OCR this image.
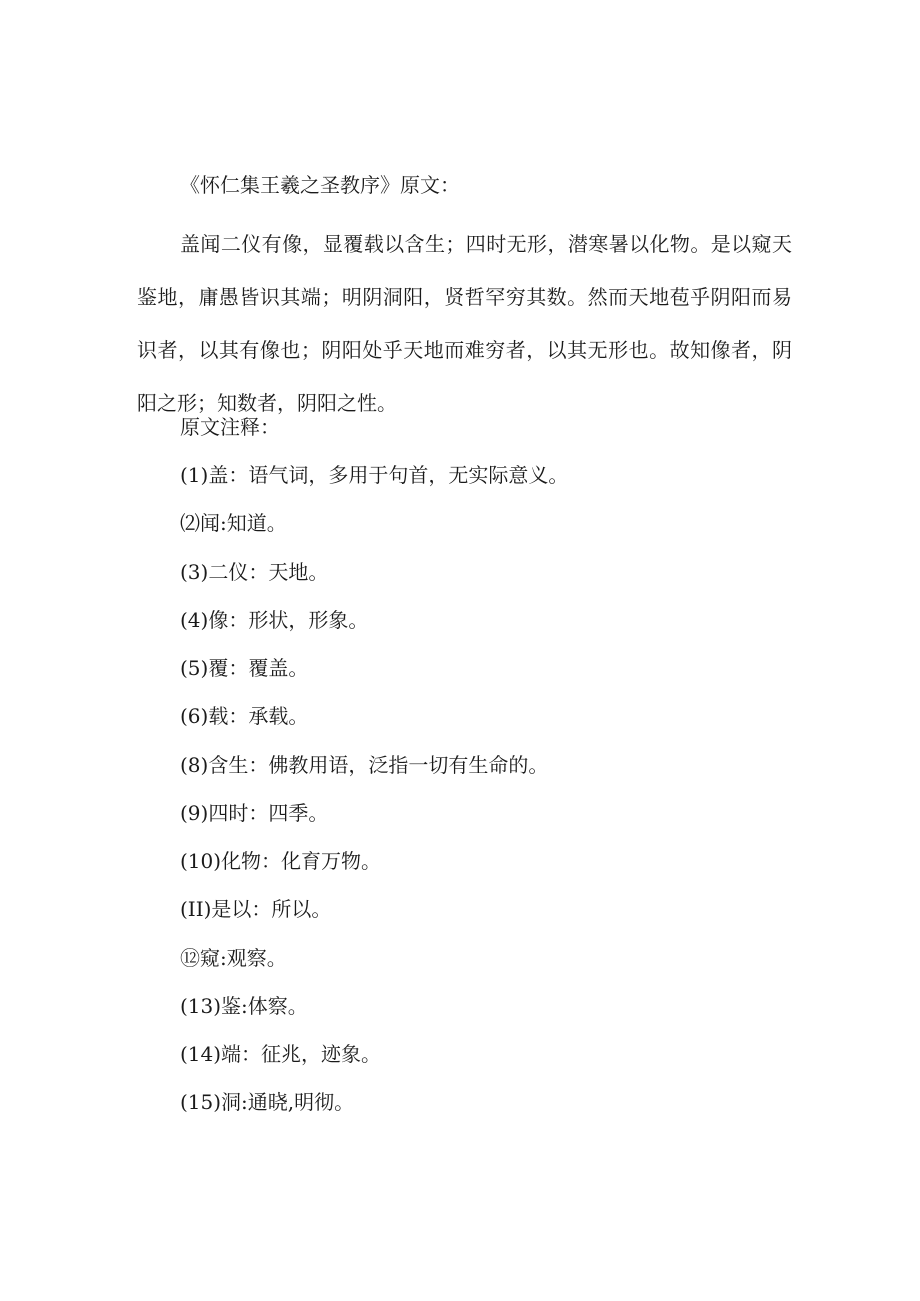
《怀仁集王羲之圣教序》原文：
盖闻二仪有像，显覆载以含生；四时无形，潜寒暑以化物。是以窥天鉴地，庸愚皆识其端；明阴洞阳，贤哲罕穷其数。然而天地苞乎阴阳而易识者，以其有像也；阴阳处乎天地而难穷者，以其无形也。故知像者，阴阳之形；知数者，阴阳之性。
原文注释：
(1)盖：语气词，多用于句首，无实际意义。
⑵闻:知道。
(3)二仪：天地。
(4)像：形状，形象。
(5)覆：覆盖。
(6)载：承载。
(8)含生：佛教用语，泛指一切有生命的。
(9)四时：四季。
(10)化物：化育万物。
(II)是以：所以。
⑫窥:观察。
(13)鉴:体察。
(14)端：征兆，迹象。
(15)洞:通晓,明彻。
